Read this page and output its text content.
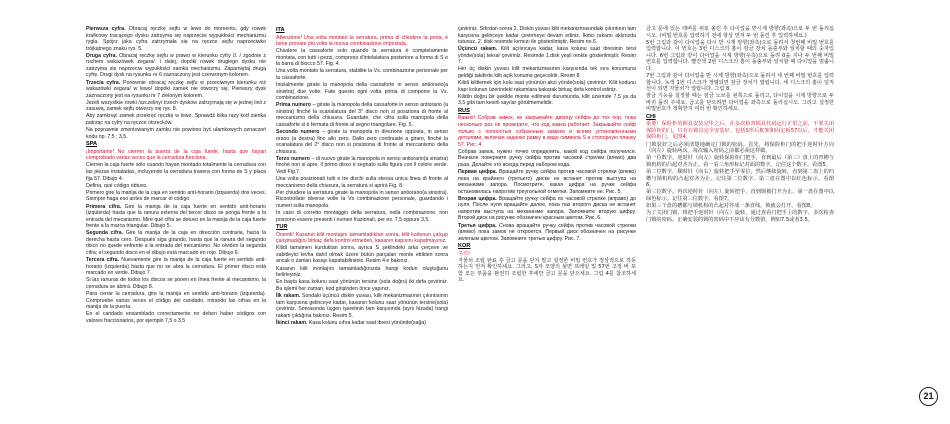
Pierwsza cyfra. Obracaj ręczkę sejfu w lewo do momentu, gdy rowek kraficowy tracącego dysku zatrzyma się naprzeciw wypukłości mechanizmu ryglа. Spójrz jaka cyfra zatrzymała się na ręczce sejfu naprzeciwko trójkątnego znaku rys. 5.

Druga cyfra. Obracaj ręczkę sejfu w prawo w kierunku cyfry 0. / zgodnie z ruchem wskazówek zegara/. i dalej, dopóki rowek drugiego dysku nie zatrzyma się naprzeciw wypukłości zamka mechanizmu. Zapamiętaj drugą cyfrę. Drugi dysk na rysunku nr 6 zaznaczony jest czerwonym kolorem.

Trzecia cyfra. Ponownie obracaj ręczkę sejfu w przeciwnym kierunku niż wskazówki zegara/ w lewo/ dopóki zamek nie otworzy się. Pierwszy dysk zaznaczony jest na rysunku nr 7 zielonym kolorem.

Jeżeli wszystkie rowki /szczeliny/ trzech dysków zatrzymają się w jednej linii z zasuwą, zamek sejfu otworzy się rys. 8.

Aby zamknąć zamek przekręć ręczkę w lewo. Sprawdź kilka razy kod zamka patrząc na cyfry na ręczce otrzecków.

Na poprawnie zmontowanym zamku nie powinno być ułamkowych oznaczeń kodu np. 7,5 ; 3,5.

SPA

¡Importante! No cierren la puerta de la caja fuerte, hasta que hayan comprobado varias veces que la cerradura funciona.

Cierren la caja fuerte sólo cuando hayan montado totalmente la cerradura con las piezas instaladas, incluyendo la cerradura trasera con forma de S y placa fija 57. Dibujo 4.

Defina, qué código obtuvo.

Primero gire la manija de la caja en sentido anti-horario (izquierda) dos veces. Siempre haga eso antes de marcar el código

Primera cifra. Gire la manija de la caja fuerte en sentido anti-horario (izquierda) hasta que la ranura externa del tercer disco se ponga frente a la entrada del mecanismo. Mire qué cifra se detuvo en la manija de la caja fuerte frente a la marca triangular. Dibujo 5.

Segunda cifra. Gire la manija de la caja en dirección contraria, hacia la derecha hasta cero. Después siga girando, hasta que la ranura del segundo disco no quede enfrente a la entrada del mecanismo. No olviden la segunda cifra; el segundo disco en el dibujo está marcado en rojo. Dibujo 6.

Tercera cifra. Nuevamente gire la manija de la caja fuerte en sentido anti-horario (izquierda) hasta que no se abra la cerradura. El primer disco está marcado en verde. Dibujo 7.

Si las ranuras de todos los discos se ponen en línea frente al mecanismo, la cerradura se abrirá. Dibujo 8.

Para cerrar la cerradura, gire la manija en sentido anti-horario (izquierda). Compruebe varias veces el código del candado, mirando las cifras en la manija de la puerta.

En el candado ensamblado correctamente no deben haber códigos con valores fraccionarios, por ejemplo 7,5 o 3,5

ITA

Attenzione! Una volta montato la serratura, prima di chiudere la porta, è bene provare più volte la nuova combinazione impostata.

Chiudere la cassaforte solo quando la serratura è completamente montata, con tutti i pezzi, compreso d'intelaiatura posteriore a forma di S e la barra di blocco 57. Fig. 4.

Una volta montato la serratura, stabilite la Vs. combinazione personale per la cassaforte.

Inizialmente girate la manopola della cassaforte in senso antiorario(a sinistra) due volte. Fate questo ogni volta prima di comporre la Vs. combinazione.

Prima numero – girate la manopola della cassaforte in senso antiorario (a sinistra) finché la scanalatura del 3° disco non si posiziona di fronte al meccanismo della chiusura. Guardate, che cifra sulla manopola della cassaforte si è fermata di fronte al segno triangolare. Fig. 5.

Secondo numero – girate la manopola in direzione opposta, in senso orario (a destra) fino allo zero. Dallo zero continuate a girare, finché la scanalatura del 2° disco non si posiziona di fronte al meccanismo della chiusura.

Terzo numero – di nuovo girate la manopola in senso antiorario(a sinistra) finché non si apre. Il primo disco è segnato sulla figura con il colore verde. Vedi Fig.7.

Una volta posizionati tutti e tre dischi sulla stessa unica linea di fronte al meccanismo della chiusura, la serratura si aprirà Fig. 8.

Per chiudere la serratura girate la manopola in senso antiorario(a sinistra). Ricontrollate diverse volte la Vs combinazione personale, guardando i numeri sulla manopola.

In caso di corretto montaggio della serratura, nella combinazione, non possono essere presenti i numeri frazionali, per es. 7,5 oppure 3,5.

TUR

Önemli! Kasanın kilit montajını tamamladıktan sonra, kilit kodunun çalışıp çalışmadığını birkaç defa kontrol etmeden, kasanın kapısını kapatmayınız.

Kilidi tamamen kurduktan sonra, ayrıca S şeklindeki arka çerçeve ve sabitleyici levha dahil olmak üzere bütün parçaları monte ettikten sonra ancak o zaman kasayı kapatabilirsiniz. Resim 4 e bakınız.

Kasanın kilit montajını tamamladığınızda hangi kodun oluştuğunu belirleyiniz.

En başta kasa kolunu saat yönünün tersine (sola doğru) iki defa çeviriniz. Bu işlemi her zaman, kod girişinden önce yapınız.

İlk rakam. Sondaki üçüncü diskin yuvası, kilit mekanizmasının çıkıntısının tam karşısına gelinceye kadar, kasanın kolunu saat yönünün tersine(sola) çeviriniz. Sonrasında üçgen işaretinin tam karşısında (aynı hizada) hangi rakam çıktığına bakınız. Resim 5.

İkinci rakam. Kasa kolunu sıfıra kadar saat ibresi yönünde(sağa)

çeviriniz. Sıfırdan sonra 2. Diskin yuvası kilit mekanizmasındaki çıkıntının tam karşısına gelinceye kadar çevirmeye devam ediniz. İkinci rakamı aklınızda tutunuz. 2. disk resimde kırmızı ile gösterilmiştir. Resim no.6.

Üçüncü rakam. Kilit açılıncaya kadar, kasa kolunu saat ibresinin tersi yönde(sola) tekrar çeviriniz. Resimde 1.disk yeşil renkte gösterilmiştir. Resim 7.

Her üç diskin yuvası kilit mekanizmasının karşısında tek sıra konumuna geldiği takdirde kilit açık konuma geçecektir. Resim 8.

Kilidi kilitlemek için kolu saat yönünün aksi yönde(sola) çeviriniz. Kilit kodunu kapı kolunun üzerindeki rakamlara bakarak birkaç defa kontrol ediniz.

Kilidin doğru bir şekilde monte edilmesi durumunda, kilit üzerinde 7,5 ya da 3,5 gibi tam kesirli sayılar görülmemelidir.

RUS

Важно! Собрав замок, не закрывайте дверцу сейфа до тех пор, пока несколько раз не проверите, что код замка работает. Закрывайте сейф только с полностью собранным замком и всеми установленными деталями, включая заднюю рамку в виде символа S и стопорную планку 57. Рис. 4.

Собрав замок, нужно точно определить, какой код сейфа получился. Вначале поверните ручку сейфа против часовой стрелки (влево) два раза. Делайте это всегда перед набором кода.

Первая цифра. Вращайте ручку сейфа против часовой стрелки (влево) пока на крайнего (третьего) диске не встанет против выступа на механизме запора. Посмотрите, какая цифра на ручке сейфа остановилась напротив треугольной отметки. Запомните ее. Рис. 5.

Вторая цифра. Вращайте ручку сейфа по часовой стрелке (вправо) до нуля. После нуля вращайте далее, пока паз второго диска не встанет напротив выступа на механизме запора. Запомните вторую цифру. Второй диск на рисунке обозначен красным цветом. Рис. 6.

Третья цифра. Снова вращайте ручку сейфа против часовой стрелки (влево) пока замок не откроется. Первый диск обозначен на рисунке зеленым цветом. Запомните третью цифру. Рис. 7.

KOR

주의!

자물쇠 조립 완료 후 금고 문을 닫지 말고 설정한 비밀 번호가 정상적으로 작동하는지 먼저 확인하세요. 그리고, S자 모양의 뒷면 프레임 및 57번 고정 바 포함 모든 부품을 완전히 조립한 후에만 금고 문을 닫으세요. 그림 4를 참조하세요.

금고 문에 있는 레버를 위로 올린 후 다이얼을 반시계 방향(좌측)으로 두 번 돌리십시오. (비밀 번호를 입력하기 전에 항상 먼저 두 번 돌린 후 입력하세요.)

5번 그림과 같이 다이얼을 다시 반 시계 방향(좌측)으로 돌려서 첫번째 비밀 번호를 입력합니다. 이 번호는 3번 디스크의 홈이 잠금 장치 돌출부와 일치할 때의 숫자입니다. 6번 그림과 같이 다이얼을 시계 방향(우측)으로 돌려 0을 지나 두 번째 비밀 번호를 입력합니다. 빨간색 2번 디스크의 홈이 돌출부와 일치할 때 다이얼을 멈춥니다.

7번 그림과 같이 다이얼을 반 시계 방향(좌측)으로 돌려서 세 번째 비밀 번호를 입력합니다. 녹색 1번 디스크가 정렬되면 잠금 장치가 열립니다. 세 디스크의 홈이 일직선이 되면 자물쇠가 열립니다. 그림 8.

잠금 기능을 설정할 때는 잠금 노브를 왼쪽으로 돌리고, 다이얼을 시계 방향으로 두 바퀴 돌려 주세요. 금고를 닫으려면 다이얼을 좌측으로 돌리십시오. 그리고 설정한 비밀번호가 정확한지 여러 번 확인하세요.

CHI

重要！保险柜的锁具安装完毕之后，在多次检查锁具代码运行正常之前，不要关闭保险柜的门。只有在锁具完全安装好、包括S形后框架和固定板57以后，才能关闭保险柜门。见图4。

门锁装好之后必须清楚地确定门锁的密码。首先，将保险柜门的把手逆时针方向（向左）旋转两次。每次输入密码之前都必须这样做。

第一位数字。逆时针（向左）旋转保险柜门把手，直到最后（第三）盘上的凹槽与锁机构的凸起对齐为止。看一看三角形标记对面的数字。记住这个数字。看图5。

第二位数字。顺时针（向右）旋转把手至零位，然后继续旋转，直到第二盘上的凹槽与锁机构的凸起对齐为止。记住第二位数字。第二盘在图中以红色标示。看图6。

第三位数字。再次逆时针（向左）旋转把手，直到锁被打开为止。第一盘在图中以绿色标示。记住第三位数字。看图7。

如果三个盘的槽都与锁机构的凸起对齐成一条直线，锁就会打开。看图8。

为了关闭门锁，将把手逆时针（向左）旋转。通过查看门把手上的数字，多次检查门锁的密码。正确安装的锁的密码中不应该有分数值，例如7.5或者3.5。

21
